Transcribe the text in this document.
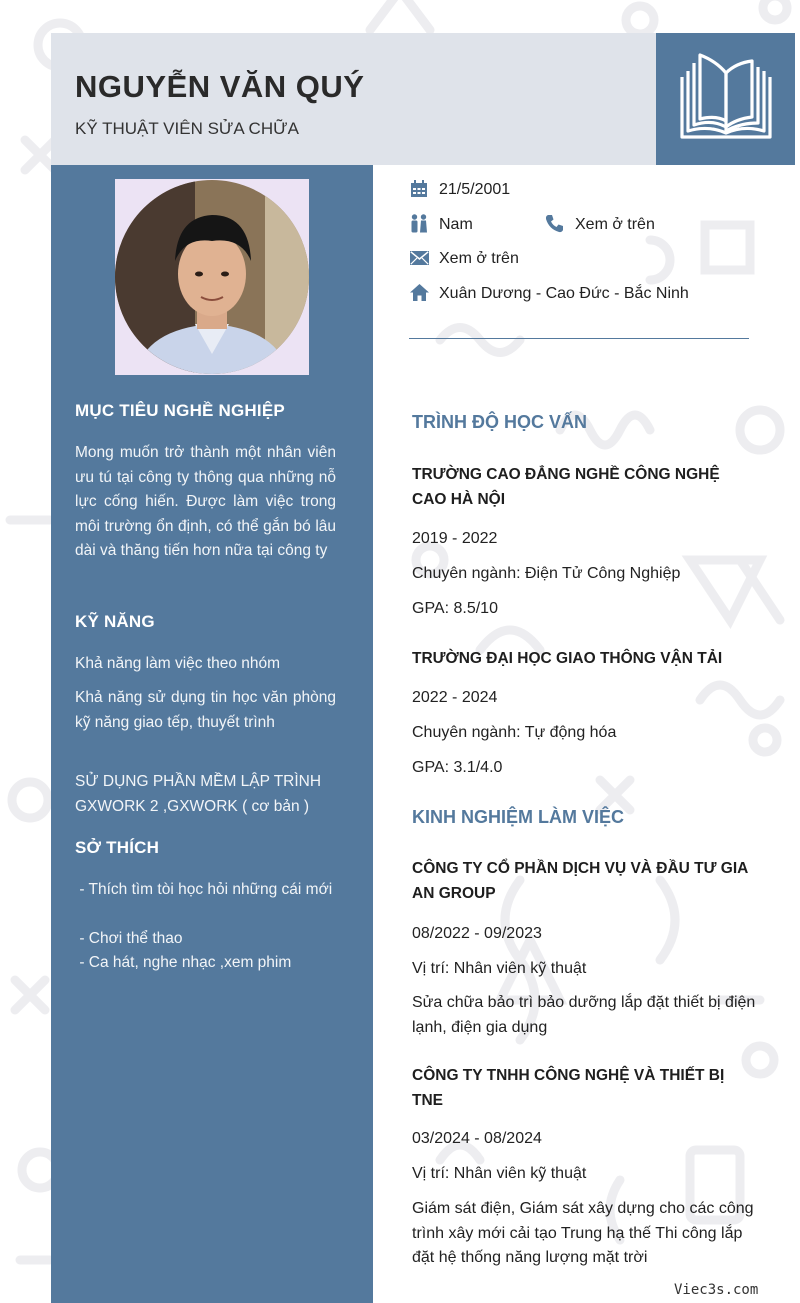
NGUYỄN VĂN QUÝ
KỸ THUẬT VIÊN SỬA CHỮA
MỤC TIÊU NGHỀ NGHIỆP
Mong muốn trở thành một nhân viên ưu tú tại công ty thông qua những nỗ lực cống hiến. Được làm việc trong môi trường ổn định, có thể gắn bó lâu dài và thăng tiến hơn nữa tại công ty
KỸ NĂNG
Khả năng làm việc theo nhóm
Khả năng sử dụng tin học văn phòng kỹ năng giao tếp, thuyết trình
SỬ DỤNG PHẦN MỀM LẬP TRÌNH GXWORK 2 ,GXWORK ( cơ bản )
SỞ THÍCH
- Thích tìm tòi học hỏi những cái mới
- Chơi thể thao
- Ca hát, nghe nhạc ,xem phim
21/5/2001
Nam	Xem ở trên
Xem ở trên
Xuân Dương - Cao Đức - Bắc Ninh
TRÌNH ĐỘ HỌC VẤN
TRƯỜNG CAO ĐẲNG NGHỀ CÔNG NGHỆ CAO HÀ NỘI
2019 - 2022
Chuyên ngành: Điện Tử Công Nghiệp
GPA: 8.5/10
TRƯỜNG ĐẠI HỌC GIAO THÔNG VẬN TẢI
2022 - 2024
Chuyên ngành: Tự động hóa
GPA: 3.1/4.0
KINH NGHIỆM LÀM VIỆC
CÔNG TY CỔ PHẦN DỊCH VỤ VÀ ĐẦU TƯ GIA AN GROUP
08/2022 - 09/2023
Vị trí: Nhân viên kỹ thuật
Sửa chữa bảo trì bảo dưỡng lắp đặt thiết bị điện lạnh, điện gia dụng
CÔNG TY TNHH CÔNG NGHỆ VÀ THIẾT BỊ TNE
03/2024 - 08/2024
Vị trí: Nhân viên kỹ thuật
Giám sát điện, Giám sát xây dựng cho các công trình xây mới cải tạo Trung hạ thế Thi công lắp đặt hệ thống năng lượng mặt trời
Viec3s.com
